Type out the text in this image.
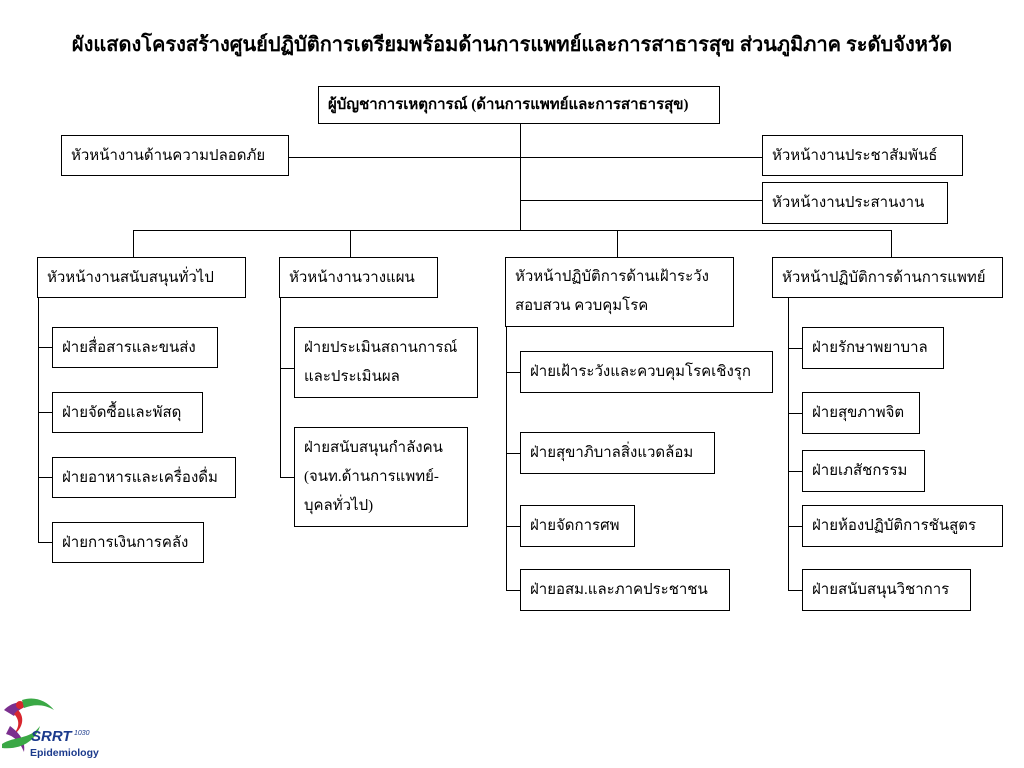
ผังแสดงโครงสร้างศูนย์ปฏิบัติการเตรียมพร้อมด้านการแพทย์และการสาธารสุข ส่วนภูมิภาค ระดับจังหวัด
ผู้บัญชาการเหตุการณ์ (ด้านการแพทย์และการสาธารสุข)
หัวหน้างานด้านความปลอดภัย	หัวหน้างานประชาสัมพันธ์
หัวหน้างานประสานงาน
หัวหน้างานสนับสนุนทั่วไป	หัวหน้างานวางแผน	หัวหน้าปฏิบัติการด้านเฝ้าระวัง
สอบสวน ควบคุมโรค
หัวหน้าปฏิบัติการด้านการแพทย์
ฝ่ายสื่อสารและขนส่ง
ฝ่ายจัดซื้อและพัสดุ
ฝ่ายอาหารและเครื่องดื่ม
ฝ่ายการเงินการคลัง
ฝ่ายประเมินสถานการณ์
และประเมินผล
ฝ่ายสนับสนุนกำลังคน
(จนท.ด้านการแพทย์-
บุคลทั่วไป)
ฝ่ายเฝ้าระวังและควบคุมโรคเชิงรุก
ฝ่ายสุขาภิบาลสิ่งแวดล้อม
ฝ่ายจัดการศพ
ฝ่ายอสม.และภาคประชาชน
ฝ่ายรักษาพยาบาล
ฝ่ายสุขภาพจิต
ฝ่ายเภสัชกรรม
ฝ่ายห้องปฏิบัติการชันสูตร
ฝ่ายสนับสนุนวิชาการ
SRRT 1030
Epidemiology
